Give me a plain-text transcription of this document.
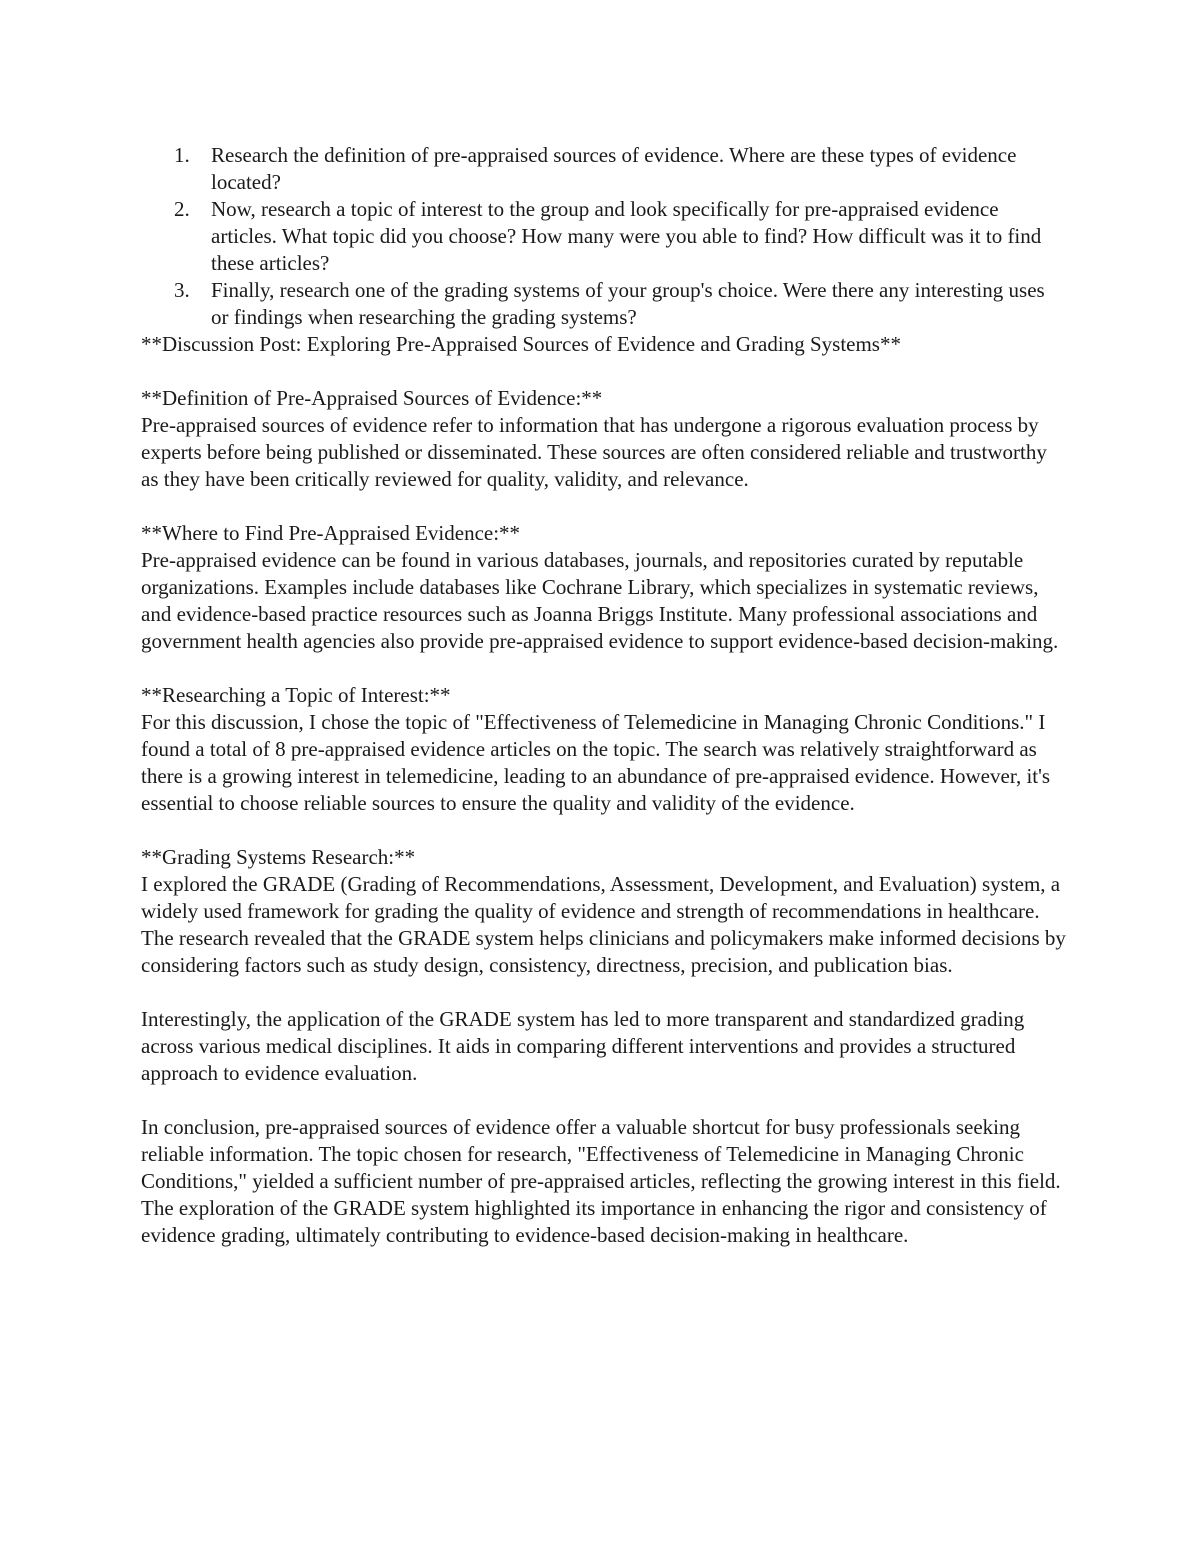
1. Research the definition of pre-appraised sources of evidence. Where are these types of evidence located?
2. Now, research a topic of interest to the group and look specifically for pre-appraised evidence articles. What topic did you choose? How many were you able to find? How difficult was it to find these articles?
3. Finally, research one of the grading systems of your group's choice. Were there any interesting uses or findings when researching the grading systems?

**Discussion Post: Exploring Pre-Appraised Sources of Evidence and Grading Systems**

**Definition of Pre-Appraised Sources of Evidence:**

Pre-appraised sources of evidence refer to information that has undergone a rigorous evaluation process by experts before being published or disseminated. These sources are often considered reliable and trustworthy as they have been critically reviewed for quality, validity, and relevance.

**Where to Find Pre-Appraised Evidence:**

Pre-appraised evidence can be found in various databases, journals, and repositories curated by reputable organizations. Examples include databases like Cochrane Library, which specializes in systematic reviews, and evidence-based practice resources such as Joanna Briggs Institute. Many professional associations and government health agencies also provide pre-appraised evidence to support evidence-based decision-making.

**Researching a Topic of Interest:**

For this discussion, I chose the topic of "Effectiveness of Telemedicine in Managing Chronic Conditions." I found a total of 8 pre-appraised evidence articles on the topic. The search was relatively straightforward as there is a growing interest in telemedicine, leading to an abundance of pre-appraised evidence. However, it's essential to choose reliable sources to ensure the quality and validity of the evidence.

**Grading Systems Research:**

I explored the GRADE (Grading of Recommendations, Assessment, Development, and Evaluation) system, a widely used framework for grading the quality of evidence and strength of recommendations in healthcare. The research revealed that the GRADE system helps clinicians and policymakers make informed decisions by considering factors such as study design, consistency, directness, precision, and publication bias.

Interestingly, the application of the GRADE system has led to more transparent and standardized grading across various medical disciplines. It aids in comparing different interventions and provides a structured approach to evidence evaluation.

In conclusion, pre-appraised sources of evidence offer a valuable shortcut for busy professionals seeking reliable information. The topic chosen for research, "Effectiveness of Telemedicine in Managing Chronic Conditions," yielded a sufficient number of pre-appraised articles, reflecting the growing interest in this field. The exploration of the GRADE system highlighted its importance in enhancing the rigor and consistency of evidence grading, ultimately contributing to evidence-based decision-making in healthcare.
